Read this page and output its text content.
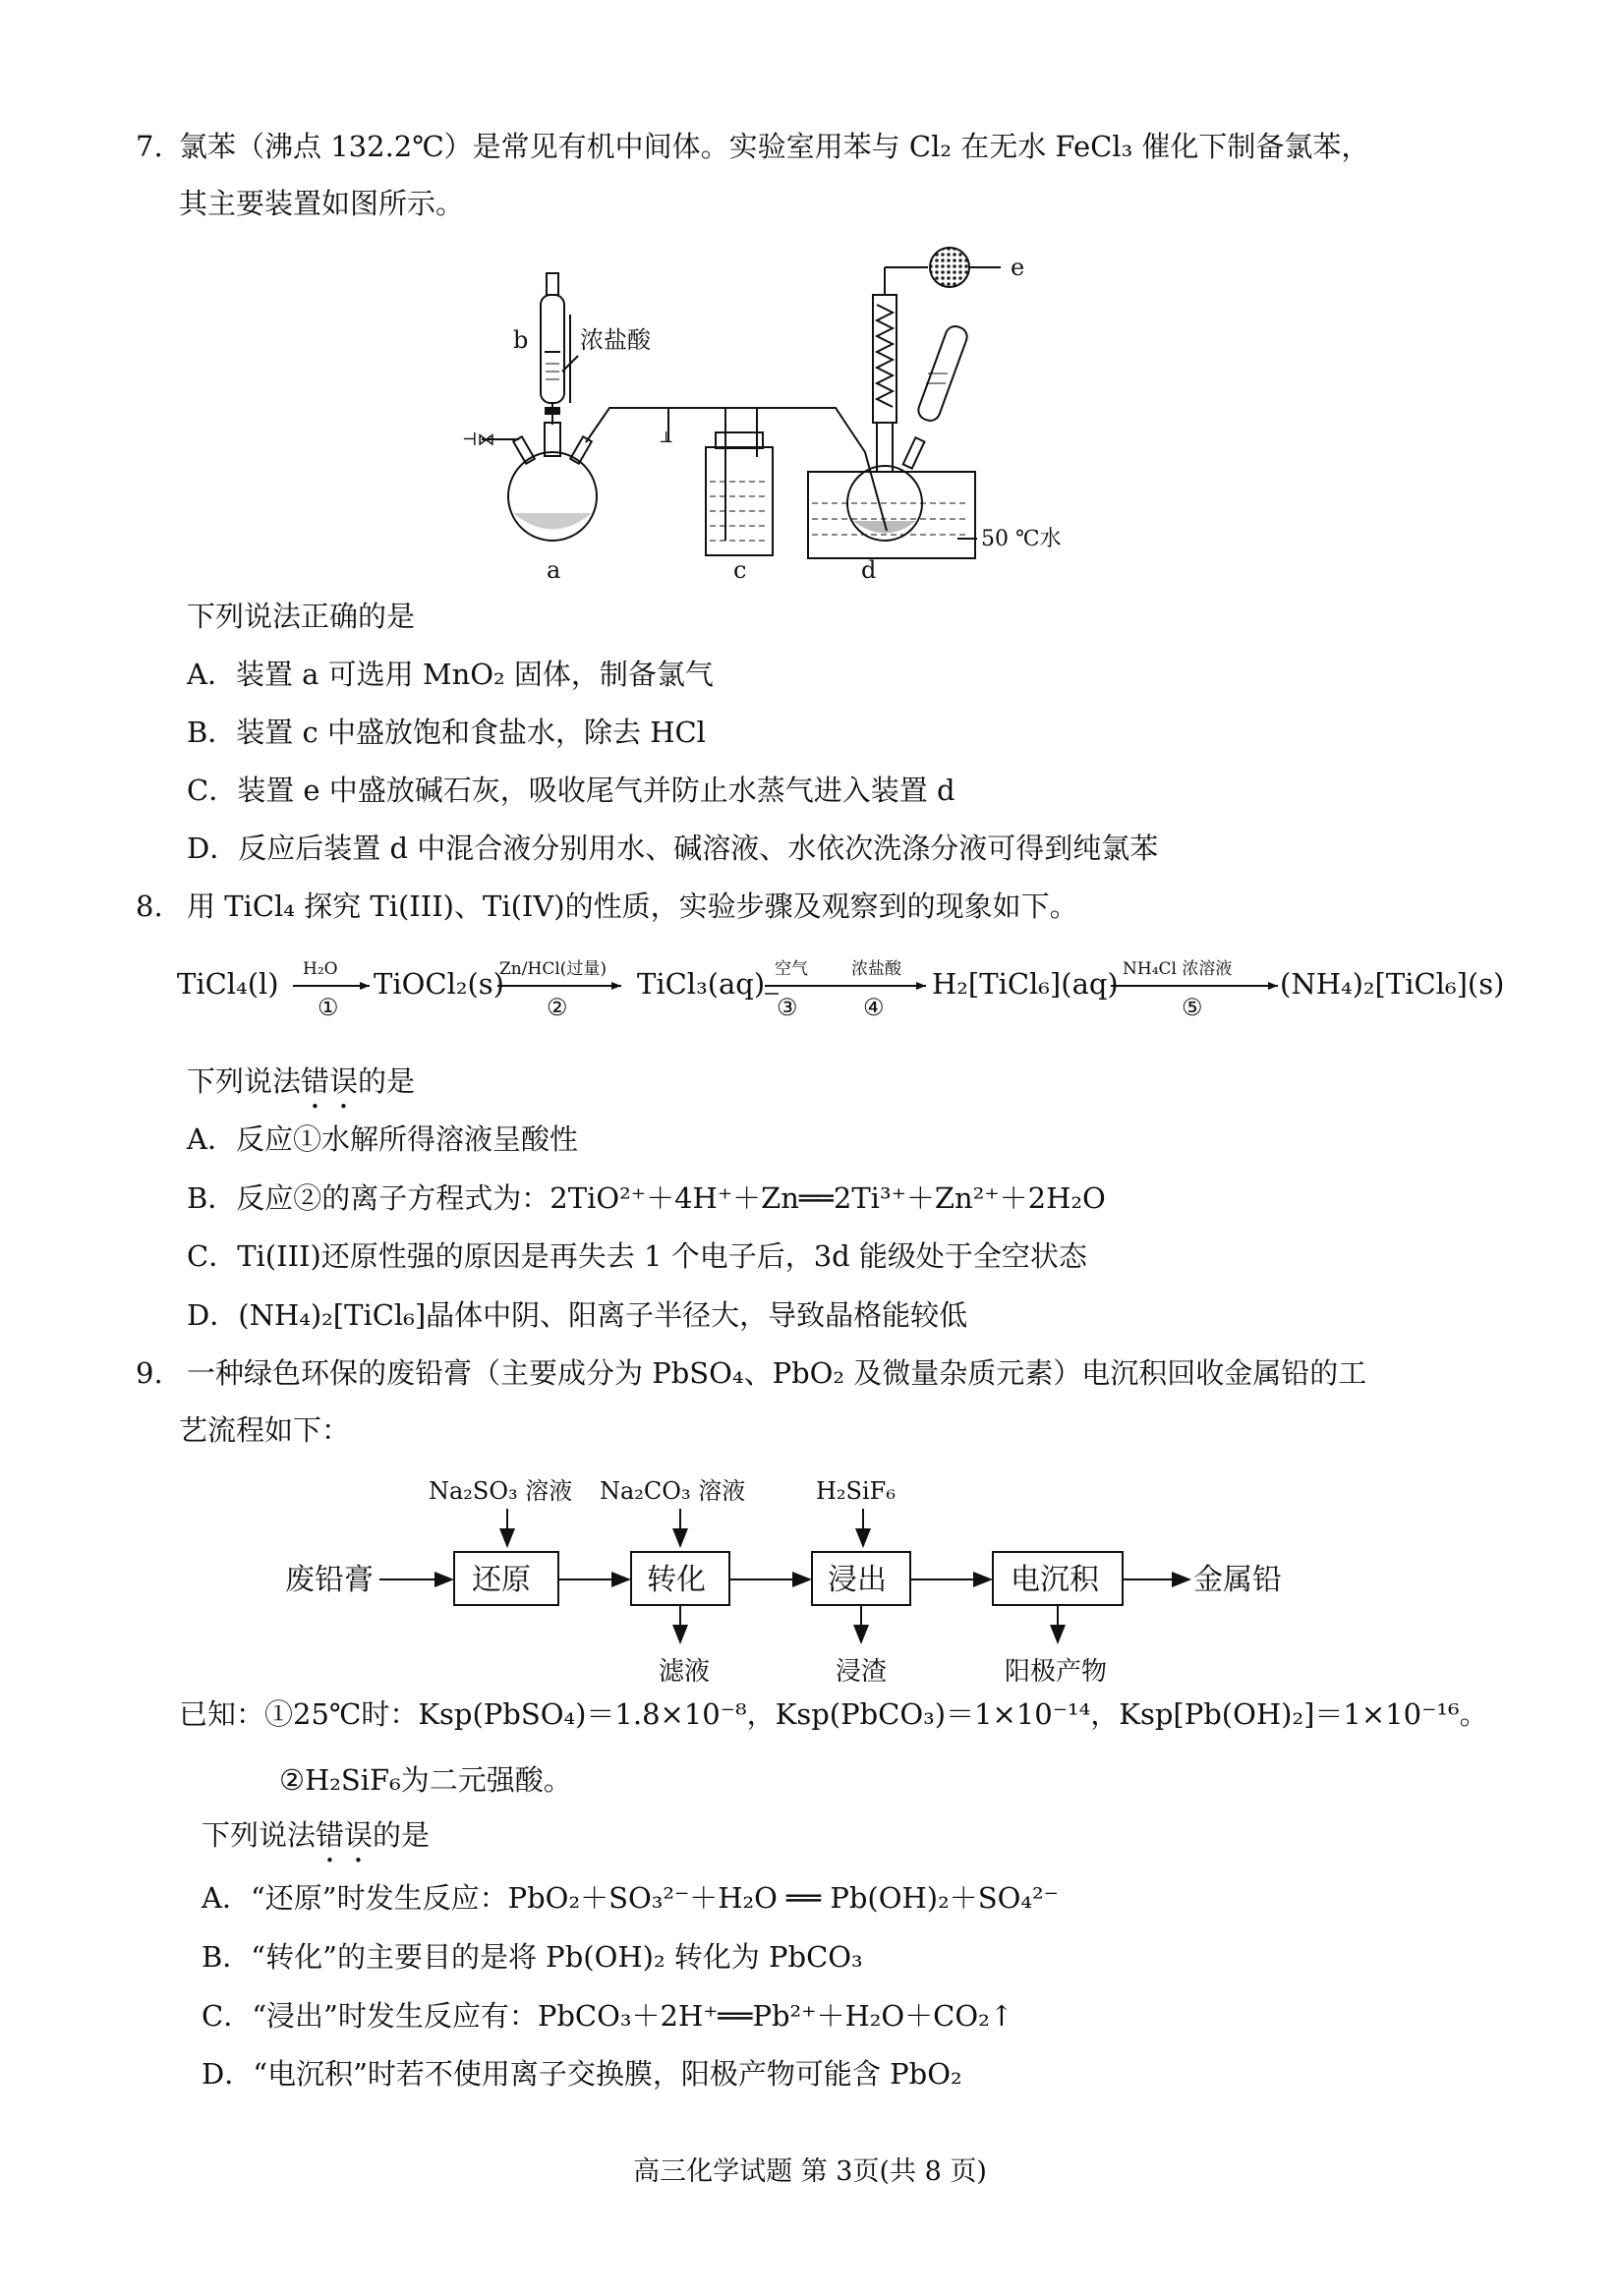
7. 氯苯（沸点 132.2℃）是常见有机中间体。实验室用苯与 Cl₂ 在无水 FeCl₃ 催化下制备氯苯，
其主要装置如图所示。
⊣⋈
b 浓盐酸
⊥
e
50 ℃水
a	c	d
下列说法正确的是
A．装置 a 可选用 MnO₂ 固体，制备氯气
B．装置 c 中盛放饱和食盐水，除去 HCl
C．装置 e 中盛放碱石灰，吸收尾气并防止水蒸气进入装置 d
D．反应后装置 d 中混合液分别用水、碱溶液、水依次洗涤分液可得到纯氯苯
8. 用 TiCl₄ 探究 Ti(III)、Ti(IV)的性质，实验步骤及观察到的现象如下。
TiCl₄(l) H₂O
①
TiOCl₂(s)
Zn/HCl(过量)
②
TiCl₃(aq) 空气
③
浓盐酸
④
H₂[TiCl₆](aq) NH₄Cl 浓溶液
⑤
(NH₄)₂[TiCl₆](s)
下列说法错误的是
A．反应①水解所得溶液呈酸性
B．反应②的离子方程式为：2TiO²⁺＋4H⁺＋Zn══2Ti³⁺＋Zn²⁺＋2H₂O
C．Ti(III)还原性强的原因是再失去 1 个电子后，3d 能级处于全空状态
D．(NH₄)₂[TiCl₆]晶体中阴、阳离子半径大，导致晶格能较低
9. 一种绿色环保的废铅膏（主要成分为 PbSO₄、PbO₂ 及微量杂质元素）电沉积回收金属铅的工
艺流程如下：
Na₂SO₃ 溶液 Na₂CO₃ 溶液	H₂SiF₆
废铅膏	还原	转化	浸出	电沉积	金属铅
滤液	浸渣	阳极产物
已知：①25℃时：Ksp(PbSO₄)＝1.8×10⁻⁸，Ksp(PbCO₃)＝1×10⁻¹⁴，Ksp[Pb(OH)₂]＝1×10⁻¹⁶。
②H₂SiF₆为二元强酸。
下列说法错误的是
A．“还原”时发生反应：PbO₂＋SO₃²⁻＋H₂O ══ Pb(OH)₂＋SO₄²⁻
B．“转化”的主要目的是将 Pb(OH)₂ 转化为 PbCO₃
C．“浸出”时发生反应有：PbCO₃＋2H⁺══Pb²⁺＋H₂O＋CO₂↑
D．“电沉积”时若不使用离子交换膜，阳极产物可能含 PbO₂
高三化学试题 第 3页(共 8 页)
